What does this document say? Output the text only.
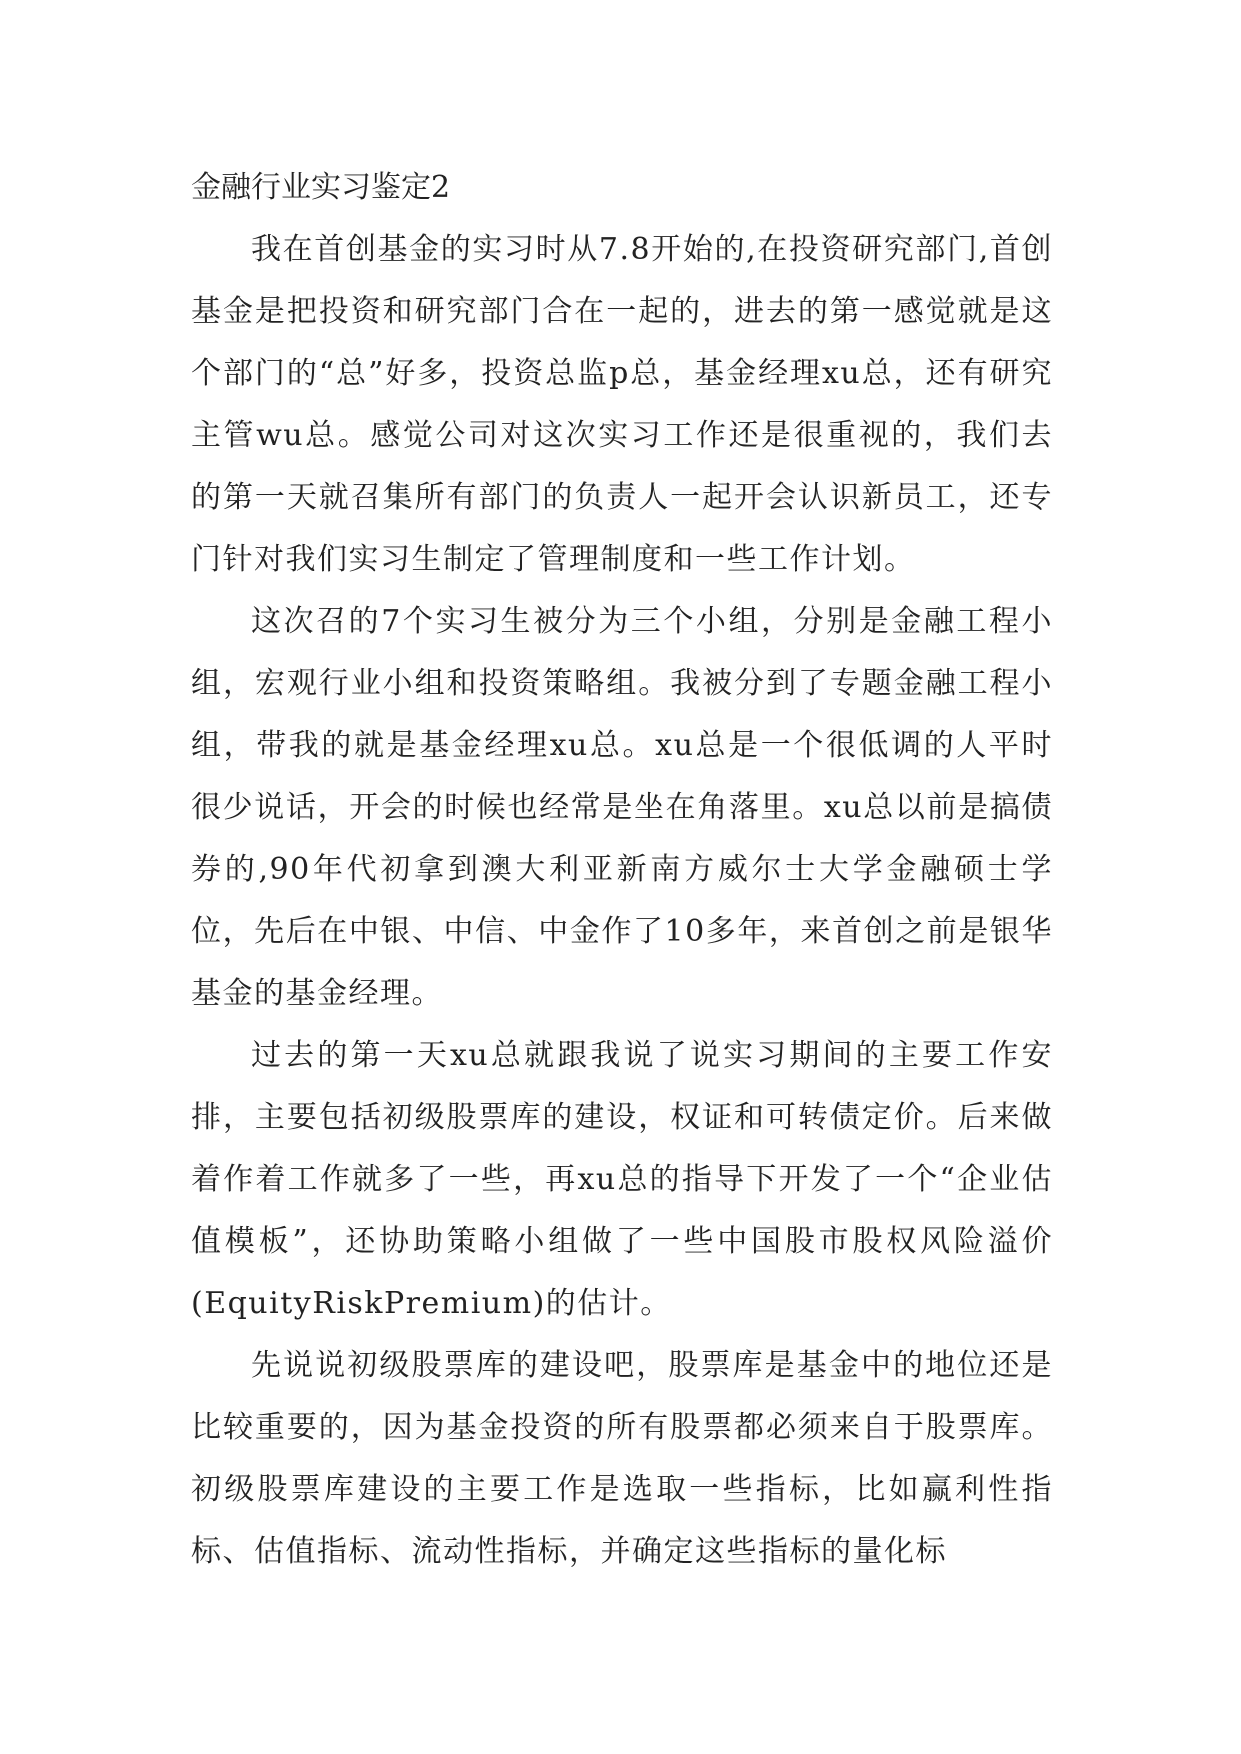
金融行业实习鉴定2

我在首创基金的实习时从7.8开始的,在投资研究部门,首创基金是把投资和研究部门合在一起的，进去的第一感觉就是这个部门的“总”好多，投资总监p总，基金经理xu总，还有研究主管wu总。感觉公司对这次实习工作还是很重视的，我们去的第一天就召集所有部门的负责人一起开会认识新员工，还专门针对我们实习生制定了管理制度和一些工作计划。

这次召的7个实习生被分为三个小组，分别是金融工程小组，宏观行业小组和投资策略组。我被分到了专题金融工程小组，带我的就是基金经理xu总。xu总是一个很低调的人平时很少说话，开会的时候也经常是坐在角落里。xu总以前是搞债券的,90年代初拿到澳大利亚新南方威尔士大学金融硕士学位，先后在中银、中信、中金作了10多年，来首创之前是银华基金的基金经理。

过去的第一天xu总就跟我说了说实习期间的主要工作安排，主要包括初级股票库的建设，权证和可转债定价。后来做着作着工作就多了一些，再xu总的指导下开发了一个“企业估值模板”，还协助策略小组做了一些中国股市股权风险溢价(EquityRiskPremium)的估计。

先说说初级股票库的建设吧，股票库是基金中的地位还是比较重要的，因为基金投资的所有股票都必须来自于股票库。初级股票库建设的主要工作是选取一些指标，比如赢利性指标、估值指标、流动性指标，并确定这些指标的量化标
